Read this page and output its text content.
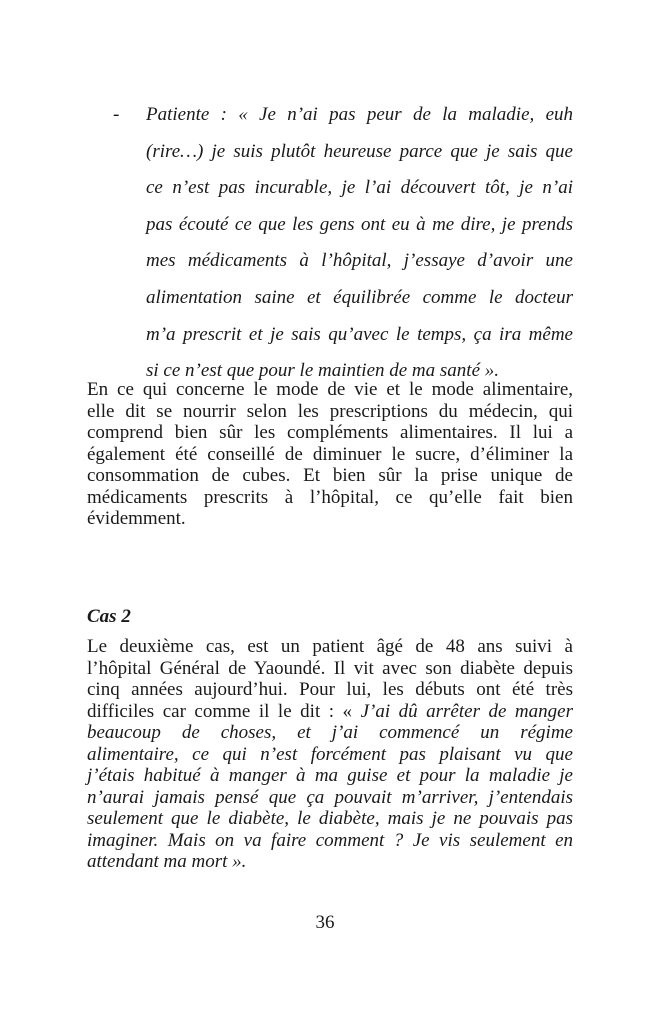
- Patiente : « Je n’ai pas peur de la maladie, euh
(rire…) je suis plutôt heureuse parce que je sais que
ce n’est pas incurable, je l’ai découvert tôt, je n’ai
pas écouté ce que les gens ont eu à me dire, je prends
mes médicaments à l’hôpital, j’essaye d’avoir une
alimentation saine et équilibrée comme le docteur
m’a prescrit et je sais qu’avec le temps, ça ira même
si ce n’est que pour le maintien de ma santé ».
En ce qui concerne le mode de vie et le mode alimentaire,
elle dit se nourrir selon les prescriptions du médecin, qui
comprend bien sûr les compléments alimentaires. Il lui a
également été conseillé de diminuer le sucre, d’éliminer la
consommation de cubes. Et bien sûr la prise unique de
médicaments prescrits à l’hôpital, ce qu’elle fait bien
évidemment.
Cas 2
Le deuxième cas, est un patient âgé de 48 ans suivi à
l’hôpital Général de Yaoundé. Il vit avec son diabète depuis
cinq années aujourd’hui. Pour lui, les débuts ont été très
difficiles car comme il le dit : « J’ai dû arrêter de manger
beaucoup de choses, et j’ai commencé un régime
alimentaire, ce qui n’est forcément pas plaisant vu que
j’étais habitué à manger à ma guise et pour la maladie je
n’aurai jamais pensé que ça pouvait m’arriver, j’entendais
seulement que le diabète, le diabète, mais je ne pouvais pas
imaginer. Mais on va faire comment ? Je vis seulement en
attendant ma mort ».
36
